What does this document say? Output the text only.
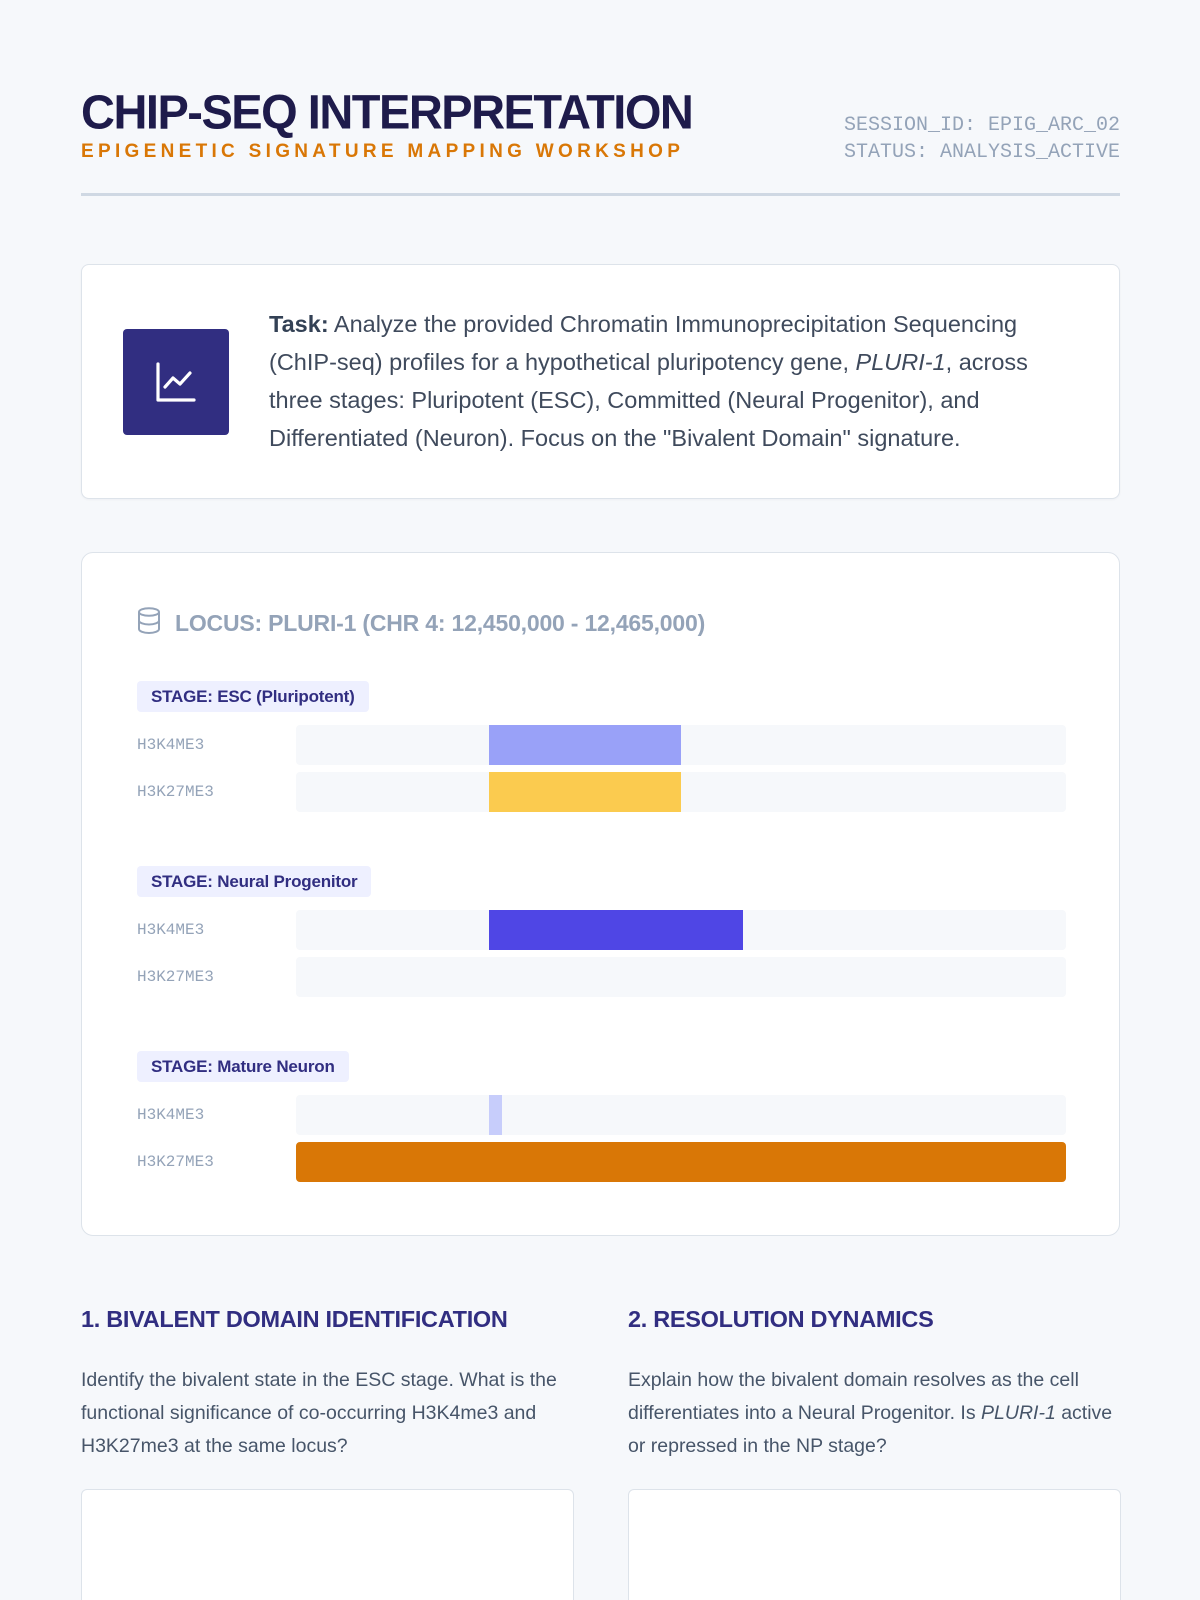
CHIP-SEQ INTERPRETATION
EPIGENETIC SIGNATURE MAPPING WORKSHOP
SESSION_ID: EPIG_ARC_02
STATUS: ANALYSIS_ACTIVE
Task: Analyze the provided Chromatin Immunoprecipitation Sequencing (ChIP-seq) profiles for a hypothetical pluripotency gene, PLURI-1, across three stages: Pluripotent (ESC), Committed (Neural Progenitor), and Differentiated (Neuron). Focus on the "Bivalent Domain" signature.
LOCUS: PLURI-1 (CHR 4: 12,450,000 - 12,465,000)
STAGE: ESC (Pluripotent)
H3K4ME3
H3K27ME3
STAGE: Neural Progenitor
H3K4ME3
H3K27ME3
STAGE: Mature Neuron
H3K4ME3
H3K27ME3
1. BIVALENT DOMAIN IDENTIFICATION
Identify the bivalent state in the ESC stage. What is the functional significance of co-occurring H3K4me3 and H3K27me3 at the same locus?
2. RESOLUTION DYNAMICS
Explain how the bivalent domain resolves as the cell differentiates into a Neural Progenitor. Is PLURI-1 active or repressed in the NP stage?
